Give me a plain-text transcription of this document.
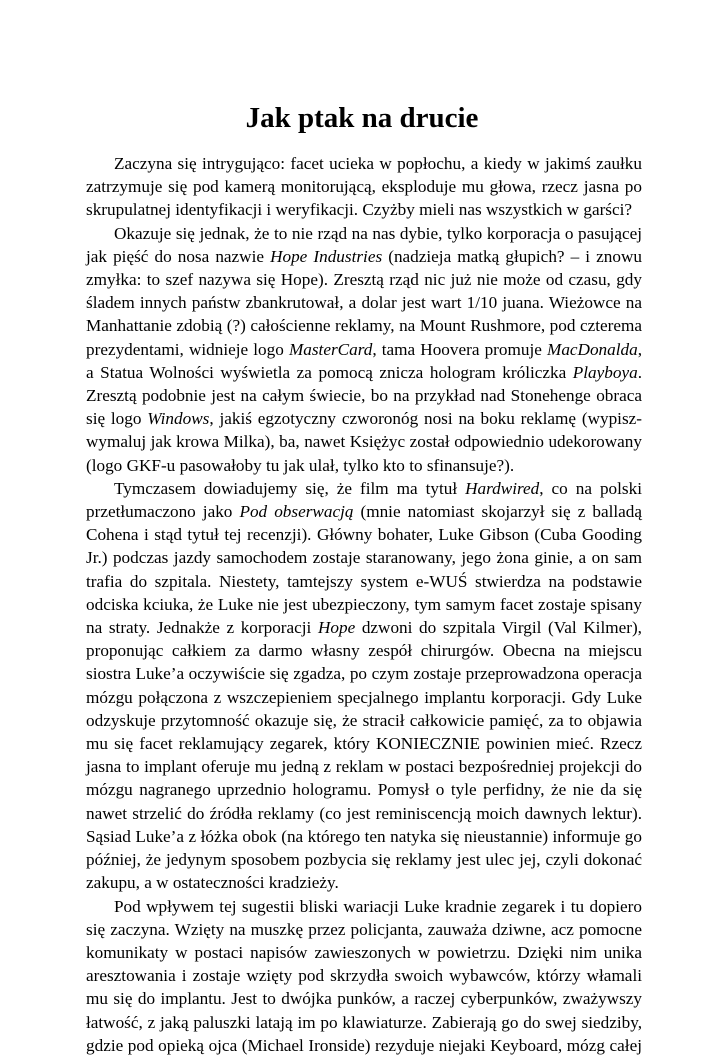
Jak ptak na drucie
Zaczyna się intrygująco: facet ucieka w popłochu, a kiedy w jakimś zaułku
zatrzymuje się pod kamerą monitorującą, eksploduje mu głowa, rzecz jasna po
skrupulatnej identyfikacji i weryfikacji. Czyżby mieli nas wszystkich w garści?
Okazuje się jednak, że to nie rząd na nas dybie, tylko korporacja o pasującej
jak pięść do nosa nazwie Hope Industries (nadzieja matką głupich? – i znowu
zmyłka: to szef nazywa się Hope). Zresztą rząd nic już nie może od czasu, gdy
śladem innych państw zbankrutował, a dolar jest wart 1/10 juana. Wieżowce na
Manhattanie zdobią (?) całościenne reklamy, na Mount Rushmore, pod czterema
prezydentami, widnieje logo MasterCard, tama Hoovera promuje MacDonalda,
a Statua Wolności wyświetla za pomocą znicza hologram króliczka Playboya.
Zresztą podobnie jest na całym świecie, bo na przykład nad Stonehenge obraca
się logo Windows, jakiś egzotyczny czworonóg nosi na boku reklamę (wypisz-
wymaluj jak krowa Milka), ba, nawet Księżyc został odpowiednio udekorowany
(logo GKF-u pasowałoby tu jak ulał, tylko kto to sfinansuje?).
Tymczasem dowiadujemy się, że film ma tytuł Hardwired, co na polski
przetłumaczono jako Pod obserwacją (mnie natomiast skojarzył się z balladą
Cohena i stąd tytuł tej recenzji). Główny bohater, Luke Gibson (Cuba Gooding
Jr.) podczas jazdy samochodem zostaje staranowany, jego żona ginie, a on sam
trafia do szpitala. Niestety, tamtejszy system e-WUŚ stwierdza na podstawie
odciska kciuka, że Luke nie jest ubezpieczony, tym samym facet zostaje spisany
na straty. Jednakże z korporacji Hope dzwoni do szpitala Virgil (Val Kilmer),
proponując całkiem za darmo własny zespół chirurgów. Obecna na miejscu
siostra Luke’a oczywiście się zgadza, po czym zostaje przeprowadzona operacja
mózgu połączona z wszczepieniem specjalnego implantu korporacji. Gdy Luke
odzyskuje przytomność okazuje się, że stracił całkowicie pamięć, za to objawia
mu się facet reklamujący zegarek, który KONIECZNIE powinien mieć. Rzecz
jasna to implant oferuje mu jedną z reklam w postaci bezpośredniej projekcji do
mózgu nagranego uprzednio hologramu. Pomysł o tyle perfidny, że nie da się
nawet strzelić do źródła reklamy (co jest reminiscencją moich dawnych lektur).
Sąsiad Luke’a z łóżka obok (na którego ten natyka się nieustannie) informuje go
później, że jedynym sposobem pozbycia się reklamy jest ulec jej, czyli dokonać
zakupu, a w ostateczności kradzieży.
Pod wpływem tej sugestii bliski wariacji Luke kradnie zegarek i tu dopiero
się zaczyna. Wzięty na muszkę przez policjanta, zauważa dziwne, acz pomocne
komunikaty w postaci napisów zawieszonych w powietrzu. Dzięki nim unika
aresztowania i zostaje wzięty pod skrzydła swoich wybawców, którzy włamali
mu się do implantu. Jest to dwójka punków, a raczej cyberpunków, zważywszy
łatwość, z jaką paluszki latają im po klawiaturze. Zabierają go do swej siedziby,
gdzie pod opieką ojca (Michael Ironside) rezyduje niejaki Keyboard, mózg całej
